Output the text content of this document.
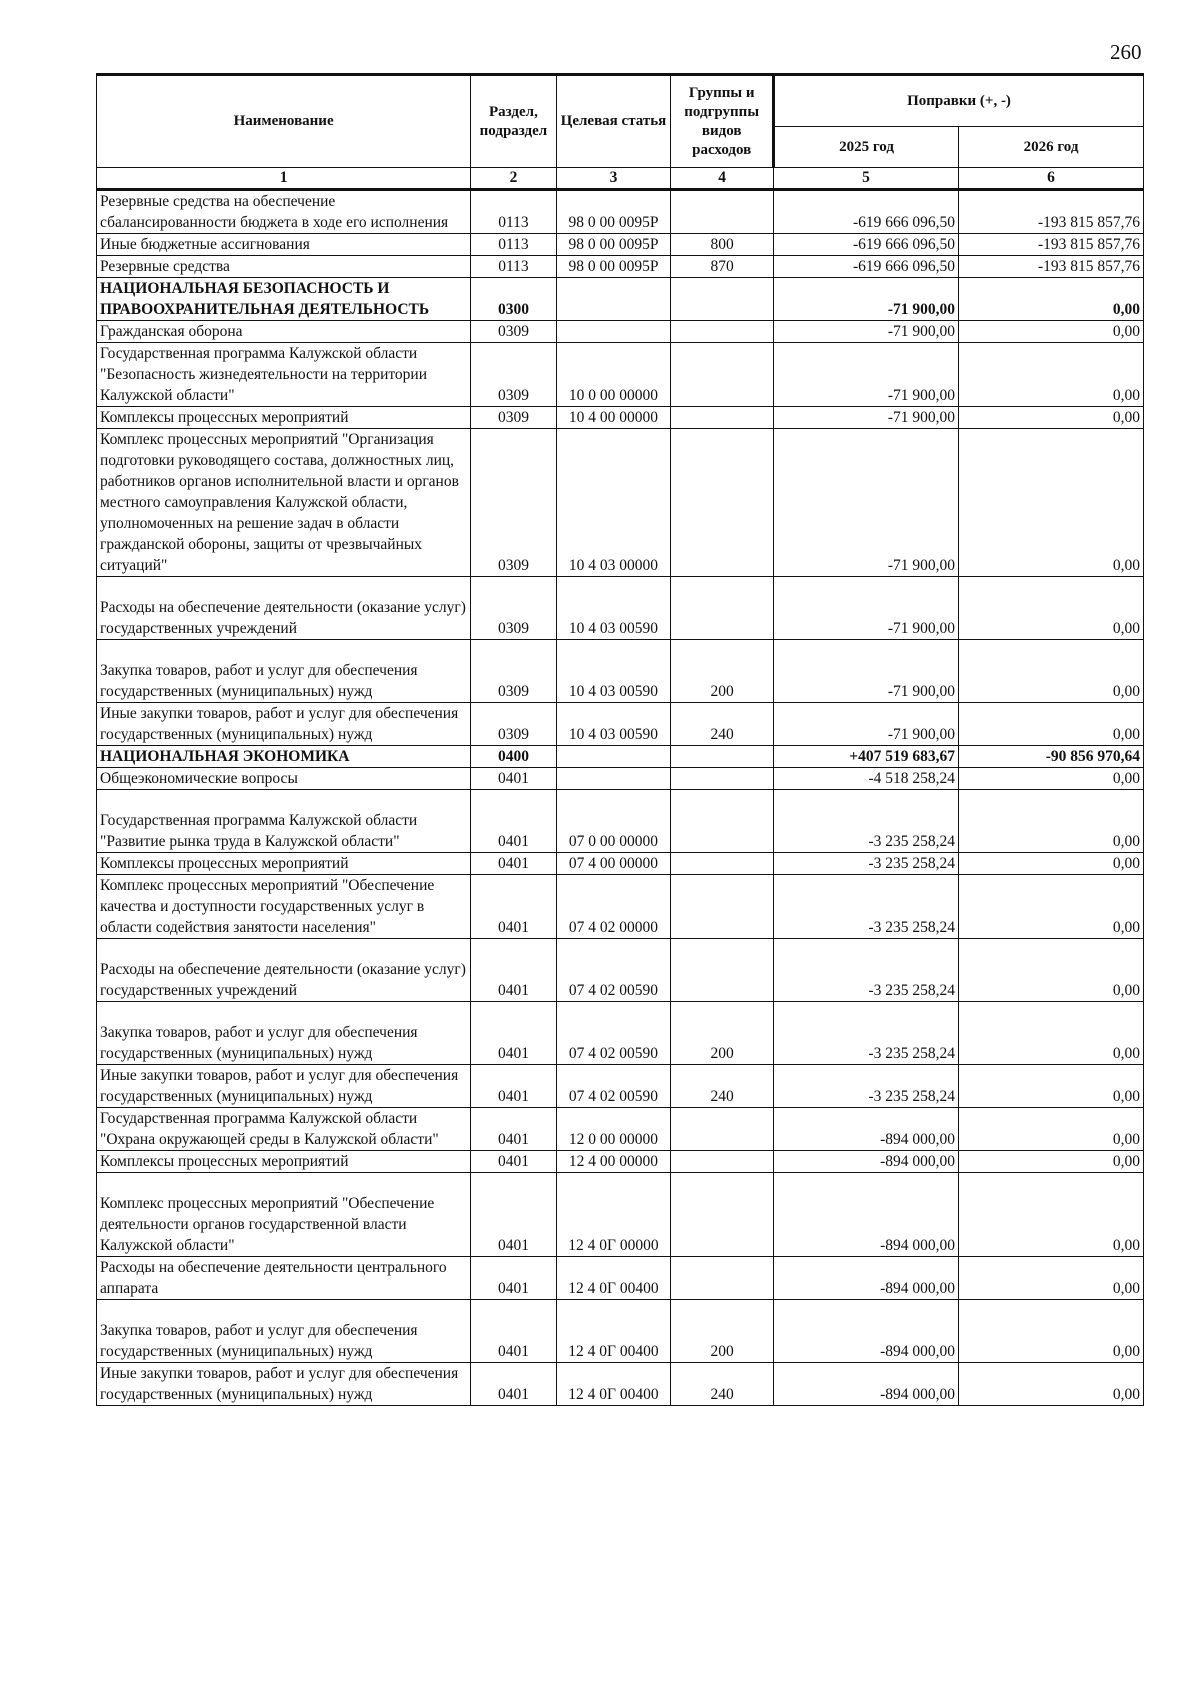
260
Наименование	Раздел, подраздел	Целевая статья	Группы и подгруппы видов расходов	Поправки (+, -)	
				2025 год	2026 год
1	2	3	4	5	6
Резервные средства на обеспечение сбалансированности бюджета в ходе его исполнения	0113	98 0 00 0095Р		-619 666 096,50	-193 815 857,76
Иные бюджетные ассигнования	0113	98 0 00 0095Р	800	-619 666 096,50	-193 815 857,76
Резервные средства	0113	98 0 00 0095Р	870	-619 666 096,50	-193 815 857,76
НАЦИОНАЛЬНАЯ БЕЗОПАСНОСТЬ И ПРАВООХРАНИТЕЛЬНАЯ ДЕЯТЕЛЬНОСТЬ	0300			-71 900,00	0,00
Гражданская оборона	0309			-71 900,00	0,00
Государственная программа Калужской области "Безопасность жизнедеятельности на территории Калужской области"	0309	10 0 00 00000		-71 900,00	0,00
Комплексы процессных мероприятий	0309	10 4 00 00000		-71 900,00	0,00
Комплекс процессных мероприятий "Организация подготовки руководящего состава, должностных лиц, работников органов исполнительной власти и органов местного самоуправления Калужской области, уполномоченных на решение задач в области гражданской обороны, защиты от чрезвычайных ситуаций"	0309	10 4 03 00000		-71 900,00	0,00
Расходы на обеспечение деятельности (оказание услуг) государственных учреждений	0309	10 4 03 00590		-71 900,00	0,00
Закупка товаров, работ и услуг для обеспечения государственных (муниципальных) нужд	0309	10 4 03 00590	200	-71 900,00	0,00
Иные закупки товаров, работ и услуг для обеспечения государственных (муниципальных) нужд	0309	10 4 03 00590	240	-71 900,00	0,00
НАЦИОНАЛЬНАЯ ЭКОНОМИКА	0400			+407 519 683,67	-90 856 970,64
Общеэкономические вопросы	0401			-4 518 258,24	0,00
Государственная программа Калужской области "Развитие рынка труда в Калужской области"	0401	07 0 00 00000		-3 235 258,24	0,00
Комплексы процессных мероприятий	0401	07 4 00 00000		-3 235 258,24	0,00
Комплекс процессных мероприятий "Обеспечение качества и доступности государственных услуг в области содействия занятости населения"	0401	07 4 02 00000		-3 235 258,24	0,00
Расходы на обеспечение деятельности (оказание услуг) государственных учреждений	0401	07 4 02 00590		-3 235 258,24	0,00
Закупка товаров, работ и услуг для обеспечения государственных (муниципальных) нужд	0401	07 4 02 00590	200	-3 235 258,24	0,00
Иные закупки товаров, работ и услуг для обеспечения государственных (муниципальных) нужд	0401	07 4 02 00590	240	-3 235 258,24	0,00
Государственная программа Калужской области "Охрана окружающей среды в Калужской области"	0401	12 0 00 00000		-894 000,00	0,00
Комплексы процессных мероприятий	0401	12 4 00 00000		-894 000,00	0,00
Комплекс процессных мероприятий "Обеспечение деятельности органов государственной власти Калужской области"	0401	12 4 0Г 00000		-894 000,00	0,00
Расходы на обеспечение деятельности центрального аппарата	0401	12 4 0Г 00400		-894 000,00	0,00
Закупка товаров, работ и услуг для обеспечения государственных (муниципальных) нужд	0401	12 4 0Г 00400	200	-894 000,00	0,00
Иные закупки товаров, работ и услуг для обеспечения государственных (муниципальных) нужд	0401	12 4 0Г 00400	240	-894 000,00	0,00
